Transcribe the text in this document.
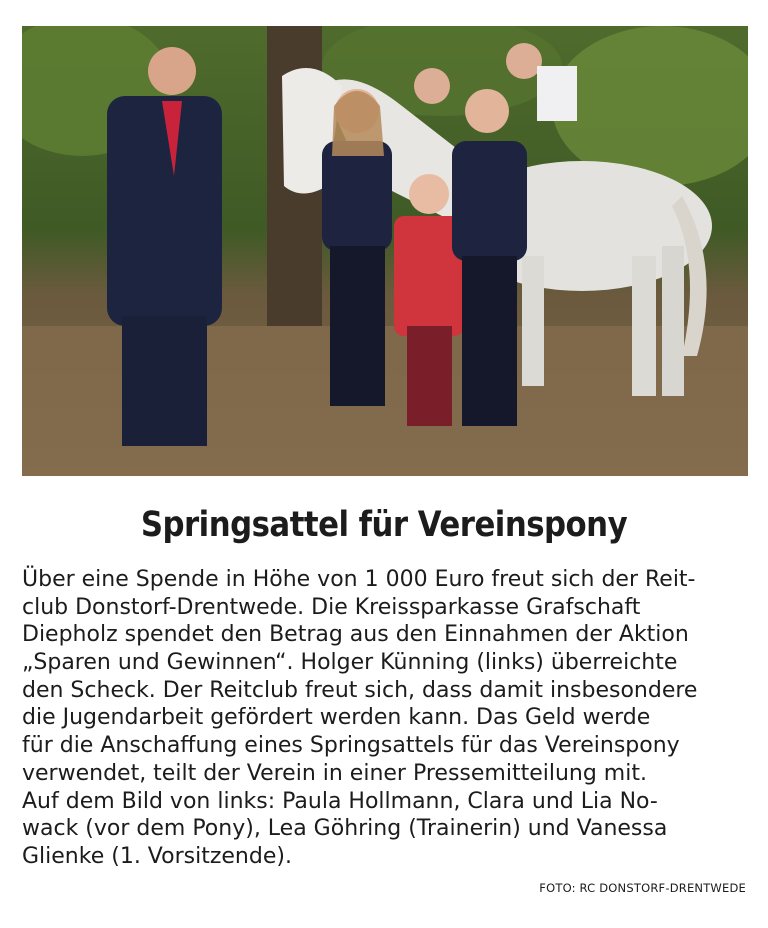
Springsattel für Vereinspony
Über eine Spende in Höhe von 1 000 Euro freut sich der Reit-
club Donstorf-Drentwede. Die Kreissparkasse Grafschaft
Diepholz spendet den Betrag aus den Einnahmen der Aktion
„Sparen und Gewinnen“. Holger Künning (links) überreichte
den Scheck. Der Reitclub freut sich, dass damit insbesondere
die Jugendarbeit gefördert werden kann. Das Geld werde
für die Anschaffung eines Springsattels für das Vereinspony
verwendet, teilt der Verein in einer Pressemitteilung mit.
Auf dem Bild von links: Paula Hollmann, Clara und Lia No-
wack (vor dem Pony), Lea Göhring (Trainerin) und Vanessa
Glienke (1. Vorsitzende).
FOTO: RC DONSTORF-DRENTWEDE
